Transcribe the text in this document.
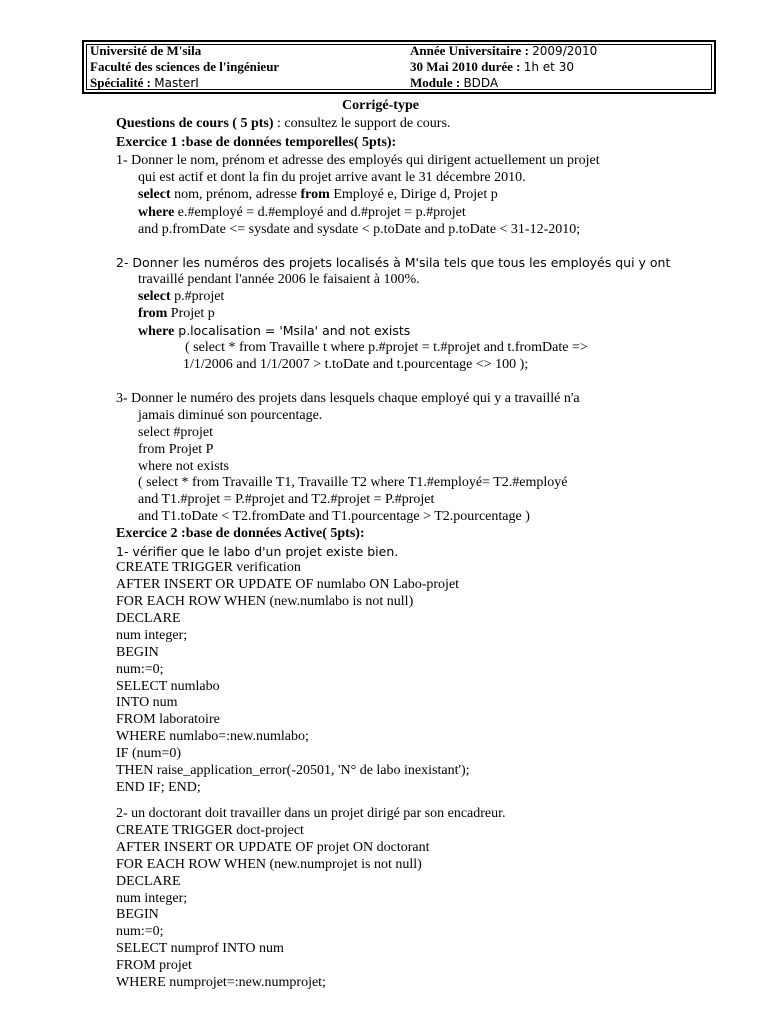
Université de M'sila
Faculté des sciences de l'ingénieur
Spécialité : MasterI
Année Universitaire : 2009/2010
30 Mai 2010 durée : 1h et 30
Module : BDDA
Corrigé-type
Questions de cours ( 5 pts) : consultez le support de cours.
Exercice 1 :base de données temporelles( 5pts):
1- Donner le nom, prénom et adresse des employés qui dirigent actuellement un projet
qui est actif et dont la fin du projet arrive avant le 31 décembre 2010.
select nom, prénom, adresse from Employé e, Dirige d, Projet p
where e.#employé = d.#employé and d.#projet = p.#projet
and p.fromDate <= sysdate and sysdate < p.toDate and p.toDate < 31-12-2010;
2- Donner les numéros des projets localisés à M'sila tels que tous les employés qui y ont
travaillé pendant l'année 2006 le faisaient à 100%.
select p.#projet
from Projet p
where p.localisation = 'Msila' and not exists
( select * from Travaille t where p.#projet = t.#projet and t.fromDate =>
1/1/2006 and 1/1/2007 > t.toDate and t.pourcentage <> 100 );
3- Donner le numéro des projets dans lesquels chaque employé qui y a travaillé n'a
jamais diminué son pourcentage.
select #projet
from Projet P
where not exists
( select * from Travaille T1, Travaille T2 where T1.#employé= T2.#employé
and T1.#projet = P.#projet and T2.#projet = P.#projet
and T1.toDate < T2.fromDate and T1.pourcentage > T2.pourcentage )
Exercice 2 :base de données Active( 5pts):
1- vérifier que le labo d'un projet existe bien.
CREATE TRIGGER verification
AFTER INSERT OR UPDATE OF numlabo ON Labo-projet
FOR EACH ROW WHEN (new.numlabo is not null)
DECLARE
num integer;
BEGIN
num:=0;
SELECT numlabo
INTO num
FROM laboratoire
WHERE numlabo=:new.numlabo;
IF (num=0)
THEN raise_application_error(-20501, 'N° de labo inexistant');
END IF; END;
2- un doctorant doit travailler dans un projet dirigé par son encadreur.
CREATE TRIGGER doct-project
AFTER INSERT OR UPDATE OF projet ON doctorant
FOR EACH ROW WHEN (new.numprojet is not null)
DECLARE
num integer;
BEGIN
num:=0;
SELECT numprof INTO num
FROM projet
WHERE numprojet=:new.numprojet;
